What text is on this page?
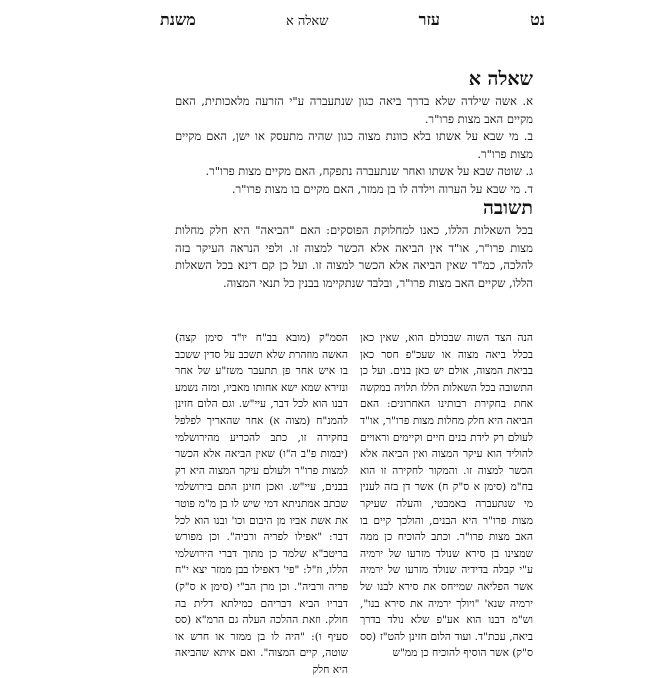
נט
עזר
שאלה א
משנת
שאלה א

א. אשה שילדה שלא בדרך ביאה כגון שנתעברה ע"י הזרעה מלאכותית, האם מקיים האב מצות פרו"ר.

ב. מי שבא על אשתו בלא כוונת מצוה כגון שהיה מתעסק או ישן, האם מקיים מצות פרו"ר.

ג. שוטה שבא על אשתו ואחר שנתעברה נתפקח, האם מקיים מצות פרו"ר.

ד. מי שבא על הערוה וילדה לו בן ממזר, האם מקיים בו מצות פרו"ר.

תשובה

בכל השאלות הללו, כאנו למחלוקת הפוסקים: האם "הביאה" היא חלק מחלות מצות פרו"ר, או"ד אין הביאה אלא הכשר למצוה זו. ולפי הנראה העיקר בזה להלכה, כמ"ד שאין הביאה אלא הכשר למצוה זו. ועל כן קם דינא בכל השאלות הללו, שקיים האב מצות פרו"ר, ובלבד שנתקיימו בבנין כל תנאי המצוה.

הנה הצד השוה שבכולם הוא, שאין כאן בכלל ביאה מצוה או שעכ"פ חסר כאן בביאת המצוה, אולם יש כאן בנים. ועל כן התשובה בכל השאלות הללו תלויה במקשה אחת בחקירת רבותינו האחרונים: האם הביאה היא חלק מחלות מצות פרו"ר, או"ד לעולם רק לידת בנים חיים וקיימים וראויים להוליד הוא עיקר המצוה ואין הביאה אלא הכשר למצוה זו. והמקור לחקירה זו הוא בח"מ (סימן א ס"ק ח) אשר דן בזה לענין מי שנתעברה באמבטי, והעלה שעיקר מצות פרו"ר היא הבנים, והולכך קיים בו האב מצות פרו"ר. וכתב להוכיח כן ממה שמצינו בן סירא שנולד מזרעו של ירמיה ע"י קבלה בדידיה שנולד מזרעו של ירמיה אשר הפליאה שמייחס את סירא לבנו של ירמיה שנא' "ויולך ירמיה את סירא בנו", וש"מ דבנו הוא אע"פ שלא נולד בדרך ביאה, עכת"ד. ועוד הלום חזינן להט"ז (סס ס"ק) אשר הוסיף להוכיח כן ממ"ש

הסמ"ק (מובא בב"ח יו"ד סימן קצה) האשה מוזהרת שלא תשכב על סדין ששכב בו איש אחר פן תתעבר משז"ע של אחר ונזירא שמא ישא אחותו מאביו, ומזה נשמע דבנו הוא לכל דבר, עיי"ש. וגם הלום חזינן להמנ"ח (מצוה א) אחר שהאריך לפלפל בחקירה זו, כתב להכריע מהירושלמי (יבמות פ"ב ה"ו) שאין הביאה אלא הכשר למצות פרו"ר ולעולם עיקר המצוה היא רק בבנים, עיי"ש. ואכן חזינן התם בירושלמי שכתב אמתניתא דמי שיש לו בן מ"מ פוטר את אשת אביו מן היבום וכו' ובנו הוא לכל דבר: "אפילו לפריה ורביה". וכן מפורש בריטב"א שלמד כן מתוך דברי הירושלמי הללו, וז"ל: "פי' דאפילו בבן ממזר יצא י"ח פריה ורביה". וכן מרן הב"י (סימן א ס"ק) דבריו הביא דבריהם כמילתא דלית בה חולק. וזאת ההלכה העלה גם הרמ"א (סס סעיף ו): "היה לו בן ממזר או חרש או שוטה, קיים המצוה". ואם איתא שהביאה היא חלק
